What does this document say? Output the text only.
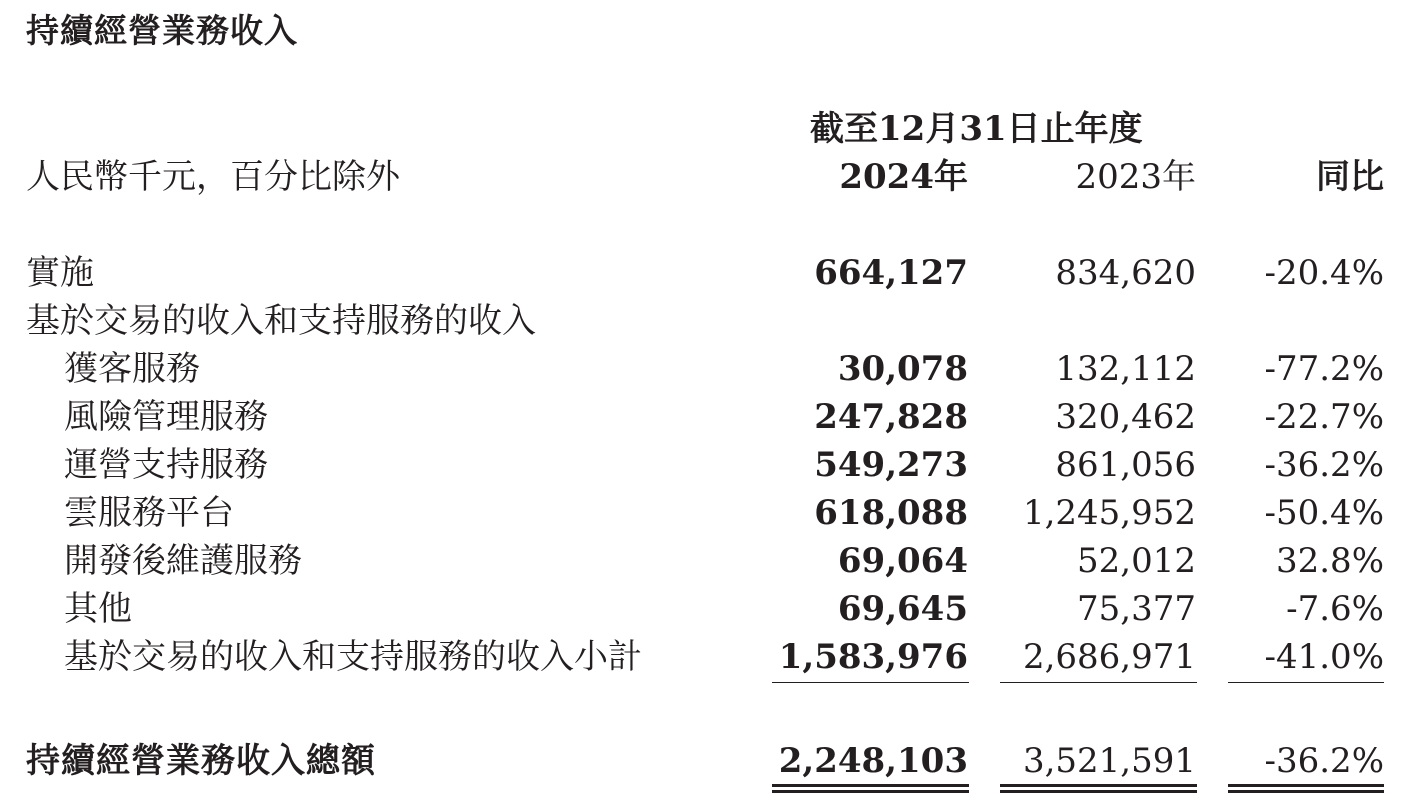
持續經營業務收入
截至12月31日止年度
人民幣千元，百分比除外	2024年	2023年	同比
實施	664,127	834,620 -20.4%
基於交易的收入和支持服務的收入
獲客服務	30,078	132,112 -77.2%
風險管理服務	247,828	320,462 -22.7%
運營支持服務	549,273	861,056 -36.2%
雲服務平台	618,088 1,245,952 -50.4%
開發後維護服務	69,064	52,012 32.8%
其他	69,645	75,377	-7.6%
基於交易的收入和支持服務的收入小計	1,583,976 2,686,971 -41.0%
持續經營業務收入總額	2,248,103 3,521,591 -36.2%
